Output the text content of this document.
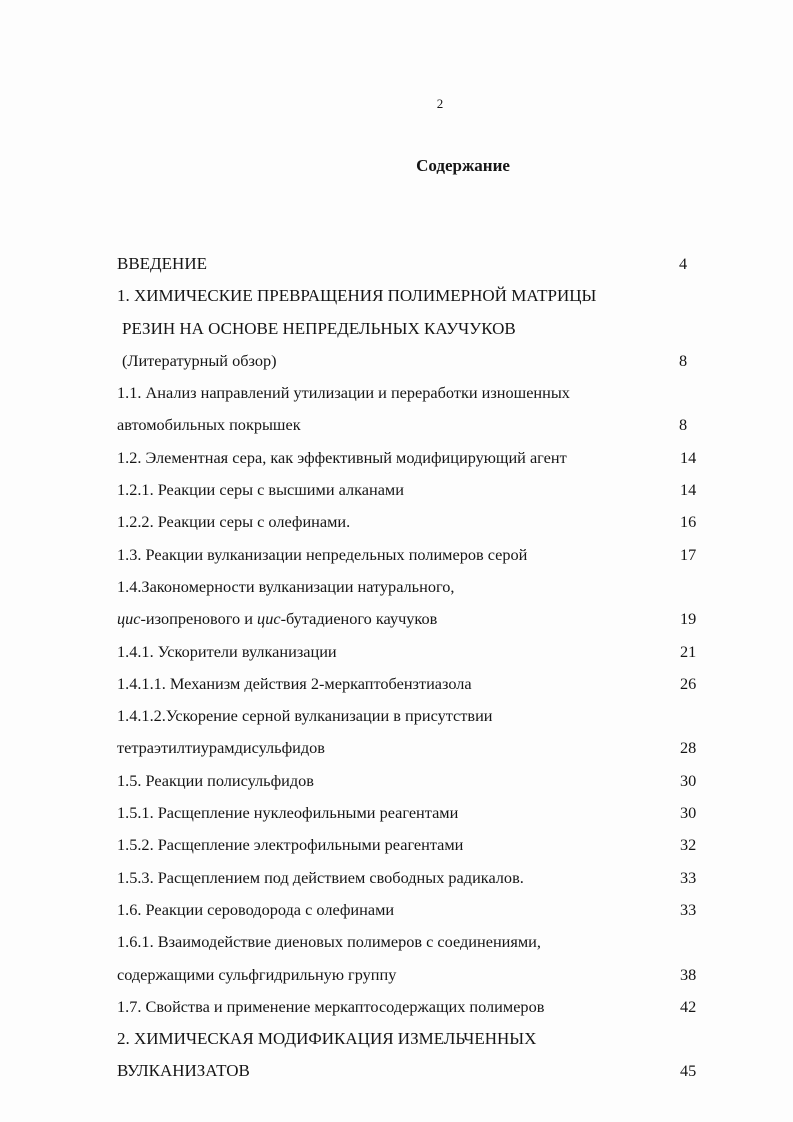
2
Содержание
ВВЕДЕНИЕ	4
1. ХИМИЧЕСКИЕ ПРЕВРАЩЕНИЯ ПОЛИМЕРНОЙ МАТРИЦЫ
РЕЗИН НА ОСНОВЕ НЕПРЕДЕЛЬНЫХ КАУЧУКОВ
(Литературный обзор)	8
1.1. Анализ направлений утилизации и переработки изношенных
автомобильных покрышек	8
1.2. Элементная сера, как эффективный модифицирующий агент	14
1.2.1. Реакции серы с высшими алканами	14
1.2.2. Реакции серы с олефинами.	16
1.3. Реакции вулканизации непредельных полимеров серой	17
1.4.Закономерности вулканизации натурального,
цис-изопренового и цис-бутадиеного каучуков	19
1.4.1. Ускорители вулканизации	21
1.4.1.1. Механизм действия 2-меркаптобензтиазола	26
1.4.1.2.Ускорение серной вулканизации в присутствии
тетраэтилтиурамдисульфидов	28
1.5. Реакции полисульфидов	30
1.5.1. Расщепление нуклеофильными реагентами	30
1.5.2. Расщепление электрофильными реагентами	32
1.5.3. Расщеплением под действием свободных радикалов.	33
1.6. Реакции сероводорода с олефинами	33
1.6.1. Взаимодействие диеновых полимеров с соединениями,
содержащими сульфгидрильную группу	38
1.7. Свойства и применение меркаптосодержащих полимеров	42
2. ХИМИЧЕСКАЯ МОДИФИКАЦИЯ ИЗМЕЛЬЧЕННЫХ
ВУЛКАНИЗАТОВ	45
